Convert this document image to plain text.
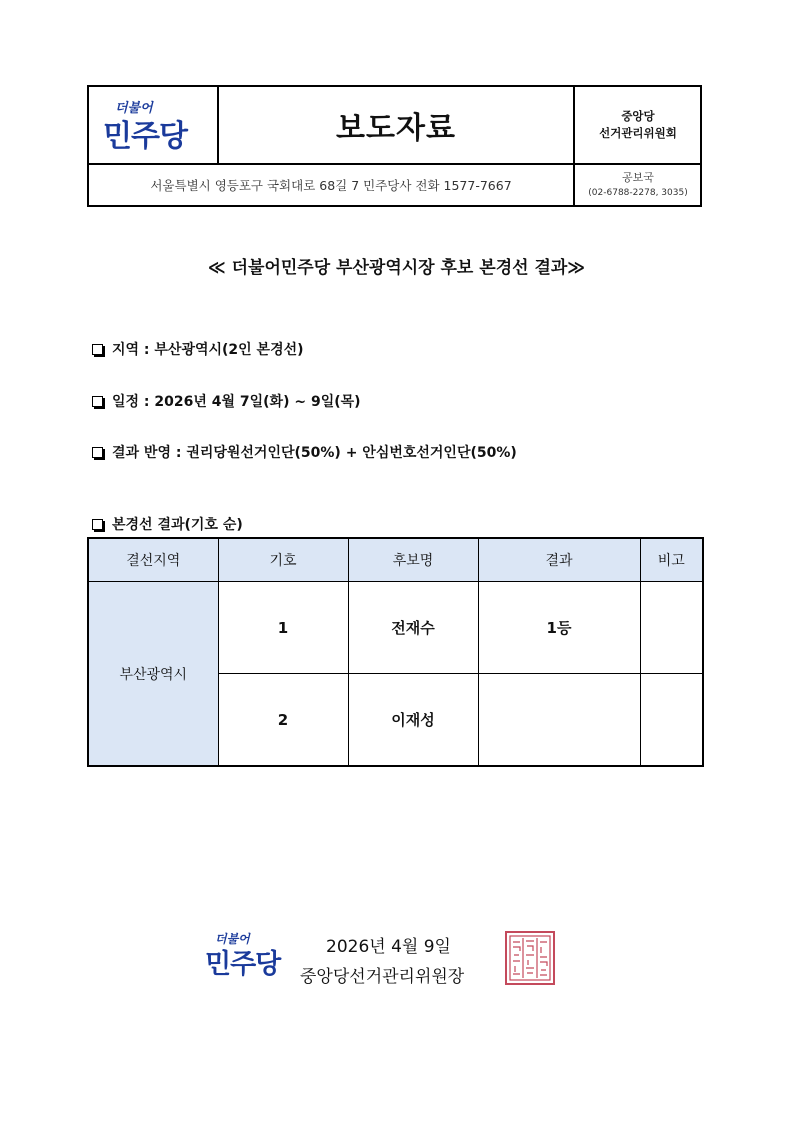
더불어
민주당	보도자료	중앙당
선거관리위원회
서울특별시 영등포구 국회대로 68길 7 민주당사 전화 1577-7667
공보국
(02-6788-2278, 3035)
≪ 더불어민주당 부산광역시장 후보 본경선 결과≫
지역 : 부산광역시(2인 본경선)
일정 : 2026년 4월 7일(화) ~ 9일(목)
결과 반영 : 권리당원선거인단(50%) + 안심번호선거인단(50%)
본경선 결과(기호 순)
결선지역	기호	후보명	결과	비고
부산광역시	1	전재수	1등	
	2	이재성		
더불어
민주당
2026년 4월 9일
중앙당선거관리위원장
